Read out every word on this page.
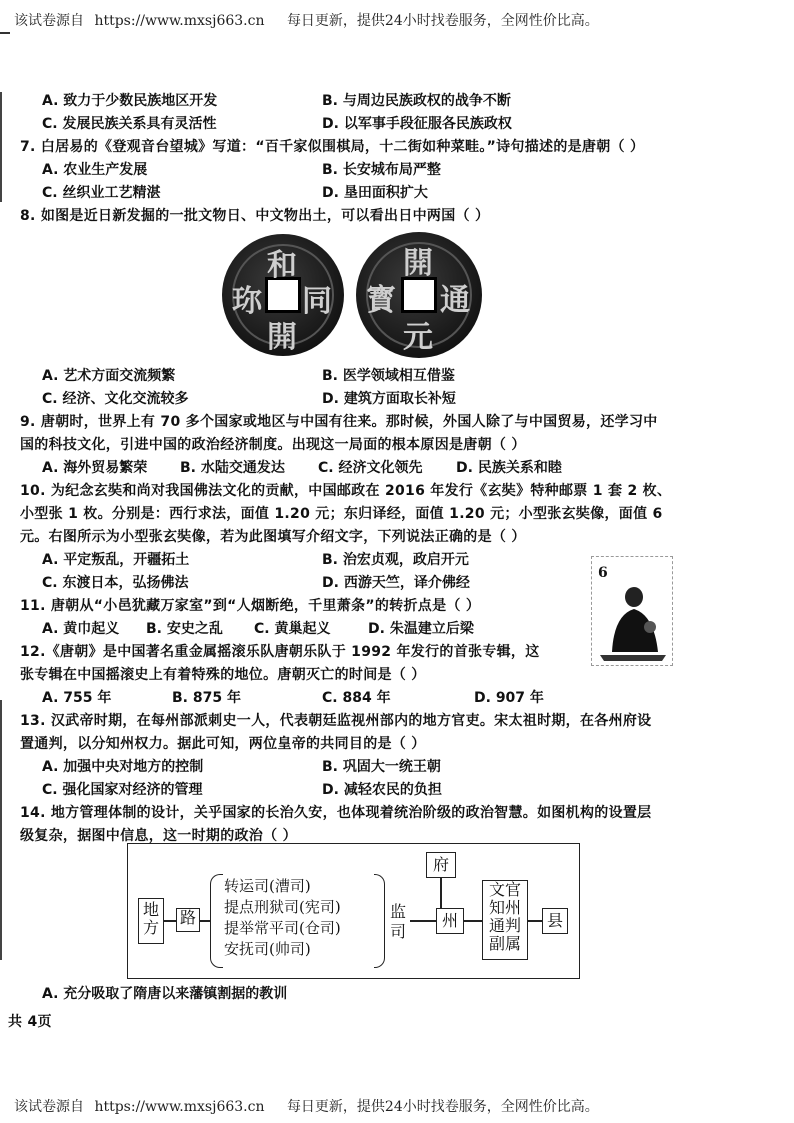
该试卷源自 https://www.mxsj663.cn 每日更新，提供24小时找卷服务，全网性价比高。
A. 致力于少数民族地区开发	B. 与周边民族政权的战争不断
C. 发展民族关系具有灵活性	D. 以军事手段征服各民族政权
7. 白居易的《登观音台望城》写道：“百千家似围棋局，十二街如种菜畦。”诗句描述的是唐朝（ ）
A. 农业生产发展	B. 长安城布局严整
C. 丝织业工艺精湛	D. 垦田面积扩大
8. 如图是近日新发掘的一批文物日、中文物出土，可以看出日中两国（ ）
和
同
開
珎
開
元
通
寳
A. 艺术方面交流频繁	B. 医学领域相互借鉴
C. 经济、文化交流较多	D. 建筑方面取长补短
9. 唐朝时，世界上有 70 多个国家或地区与中国有往来。那时候，外国人除了与中国贸易，还学习中
国的科技文化，引进中国的政治经济制度。出现这一局面的根本原因是唐朝（ ）
A. 海外贸易繁荣 B. 水陆交通发达 C. 经济文化领先 D. 民族关系和睦
10. 为纪念玄奘和尚对我国佛法文化的贡献，中国邮政在 2016 年发行《玄奘》特种邮票 1 套 2 枚、
小型张 1 枚。分别是：西行求法，面值 1.20 元；东归译经，面值 1.20 元；小型张玄奘像，面值 6
元。右图所示为小型张玄奘像，若为此图填写介绍文字，下列说法正确的是（ ）
A. 平定叛乱，开疆拓土	B. 治宏贞观，政启开元
C. 东渡日本，弘扬佛法	D. 西游天竺，译介佛经
6
11. 唐朝从“小邑犹藏万家室”到“人烟断绝，千里萧条”的转折点是（ ）
A. 黄巾起义 B. 安史之乱 C. 黄巢起义	D. 朱温建立后梁
12.《唐朝》是中国著名重金属摇滚乐队唐朝乐队于 1992 年发行的首张专辑，这
张专辑在中国摇滚史上有着特殊的地位。唐朝灭亡的时间是（ ）
A. 755 年	B. 875 年	C. 884 年	D. 907 年
13. 汉武帝时期，在每州部派刺史一人，代表朝廷监视州部内的地方官吏。宋太祖时期，在各州府设
置通判，以分知州权力。据此可知，两位皇帝的共同目的是（ ）
A. 加强中央对地方的控制	B. 巩固大一统王朝
C. 强化国家对经济的管理	D. 减轻农民的负担
14. 地方管理体制的设计，关乎国家的长治久安，也体现着统治阶级的政治智慧。如图机构的设置层
级复杂，据图中信息，这一时期的政治（ ）
地方
路
转运司(漕司)
提点刑狱司(宪司)
提举常平司(仓司)
安抚司(帅司)
监司
府
州
文官
知州
通判
副属
县
A. 充分吸取了隋唐以来藩镇割据的教训
共 4页
该试卷源自 https://www.mxsj663.cn 每日更新，提供24小时找卷服务，全网性价比高。
